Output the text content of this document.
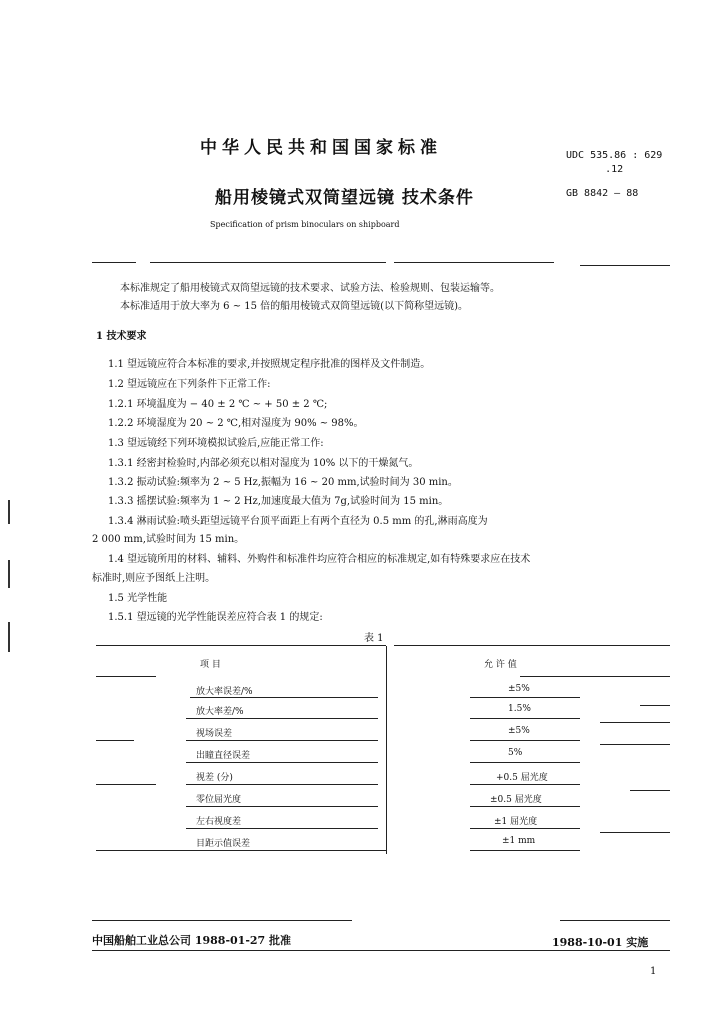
中华人民共和国国家标准	UDC 535.86 : 629
.12
船用棱镜式双筒望远镜 技术条件	GB 8842 — 88
Specification of prism binoculars on shipboard
本标准规定了船用棱镜式双筒望远镜的技术要求、试验方法、检验规则、包装运输等。
本标准适用于放大率为 6 ~ 15 倍的船用棱镜式双筒望远镜(以下简称望远镜)。
1 技术要求
1.1 望远镜应符合本标准的要求,并按照规定程序批准的图样及文件制造。
1.2 望远镜应在下列条件下正常工作:
1.2.1 环境温度为 − 40 ± 2 ℃ ~ + 50 ± 2 ℃;
1.2.2 环境湿度为 20 ~ 2 ℃,相对湿度为 90% ~ 98%。
1.3 望远镜经下列环境模拟试验后,应能正常工作:
1.3.1 经密封检验时,内部必须充以相对湿度为 10% 以下的干燥氮气。
1.3.2 振动试验:频率为 2 ~ 5 Hz,振幅为 16 ~ 20 mm,试验时间为 30 min。
1.3.3 摇摆试验:频率为 1 ~ 2 Hz,加速度最大值为 7g,试验时间为 15 min。
1.3.4 淋雨试验:喷头距望远镜平台顶平面距上有两个直径为 0.5 mm 的孔,淋雨高度为
2 000 mm,试验时间为 15 min。
1.4 望远镜所用的材料、辅料、外购件和标准件均应符合相应的标准规定,如有特殊要求应在技术
标准时,则应予图纸上注明。
1.5 光学性能
1.5.1 望远镜的光学性能误差应符合表 1 的规定:
表 1
项 目	允 许 值
放大率误差/%	±5%
放大率差/%	1.5%
视场误差	±5%
出瞳直径误差	5%
视差 (分)	+0.5 屈光度
零位屈光度	±0.5 屈光度
左右视度差	±1 屈光度
目距示值误差	±1 mm
中国船舶工业总公司 1988-01-27 批准	1988-10-01 实施
1
